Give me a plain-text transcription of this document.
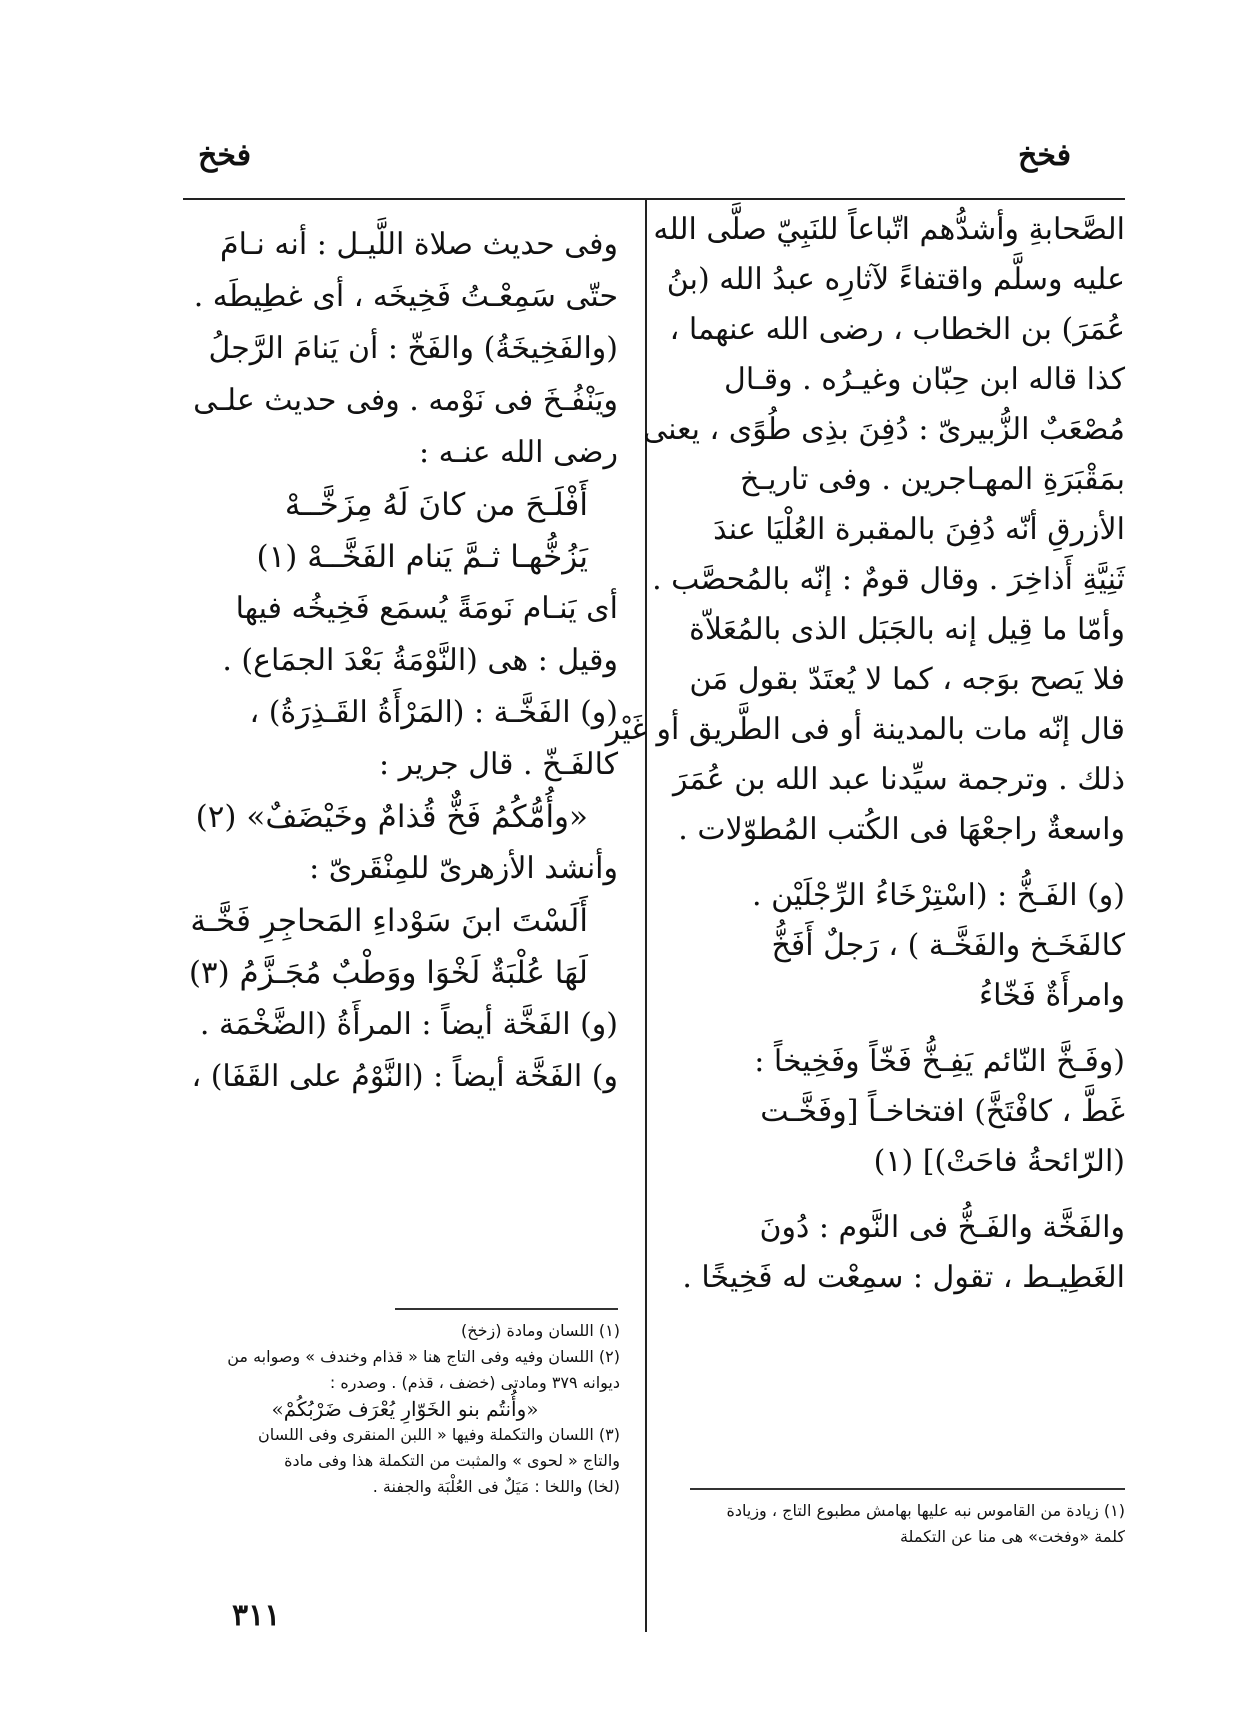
فخخ	فخخ
الصَّحابةِ وأشدُّهم اتّباعاً للنَبِيّ صلَّى الله
عليه وسلَّم واقتفاءً لآثارِه عبدُ الله (بنُ
عُمَرَ) بن الخطاب ، رضى الله عنهما ،
كذا قاله ابن حِبّان وغيـرُه . وقـال
مُصْعَبٌ الزُّبيرىّ : دُفِنَ بذِى طُوًى ، يعنى
بمَقْبَرَةِ المهـاجرين . وفى تاريـخ
الأزرقِ أنّه دُفِنَ بالمقبرة العُلْيَا عندَ
ثَنِيَّةِ أَذاخِرَ . وقال قومٌ : إنّه بالمُحصَّب .
وأمّا ما قِيل إنه بالجَبَل الذى بالمُعَلاّة
فلا يَصح بوَجه ، كما لا يُعتَدّ بقول مَن
قال إنّه مات بالمدينة أو فى الطَّريق أو غَيْر
ذلك . وترجمة سيِّدنا عبد الله بن عُمَرَ
واسعةٌ راجعْهَا فى الكُتب المُطوّلات .
(و) الفَـخُّ : (اسْتِرْخَاءُ الرِّجْلَيْن .
كالفَخَـخ والفَخَّـة ) ، رَجلٌ أَفَخُّ
وامرأَةٌ فَخّاءُ
(وفَـخَّ النّائم يَفِـخُّ فَخّاً وفَخِيخاً :
غَطَّ ، كافْتَخَّ) افتخاخـاً [وفَخَّـت
(الرّائحةُ فاحَتْ)] (١)
والفَخَّة والفَـخُّ فى النَّوم : دُونَ
الغَطِيـط ، تقول : سمِعْت له فَخِيخًا .
وفى حديث صلاة اللَّيـل : أنه نـامَ
حتّى سَمِعْـتُ فَخِيخَه ، أى غطِيطَه .
(والفَخِيخَةُ) والفَخّ : أن يَنامَ الرَّجلُ
ويَنْفُـخَ فى نَوْمه . وفى حديث علـى
رضى الله عنـه :
أَفْلَـحَ من كانَ لَهُ مِزَخَّــهْ
يَزُخُّهـا ثـمَّ يَنام الفَخَّــهْ (١)
أى يَنـام نَومَةً يُسمَع فَخِيخُه فيها
وقيل : هى (النَّوْمَةُ بَعْدَ الجمَاع) .
(و) الفَخَّـة : (المَرْأَةُ القَـذِرَةُ) ،
كالفَـخّ . قال جرير :
«وأُمُّكُمُ فَخٌّ قُذامٌ وخَيْضَفٌ» (٢)
وأنشد الأزهرىّ للمِنْقَرىّ :
أَلَسْتَ ابنَ سَوْداءِ المَحاجِرِ فَخَّـة
لَهَا عُلْبَةٌ لَخْوَا ووَطْبٌ مُجَـزَّمُ (٣)
(و) الفَخَّة أيضاً : المرأَةُ (الضَّخْمَة .
و) الفَخَّة أيضاً : (النَّوْمُ على القَفَا) ،
(١) اللسان ومادة (زخخ)
(٢) اللسان وفيه وفى التاج هنا « قذام وخندف » وصوابه من
ديوانه ٣٧٩ ومادتى (خضف ، قذم) . وصدره :
«وأُنتُم بنو الخَوّارِ يُعْرَف ضَرْبُكُمْ»
(٣) اللسان والتكملة وفيها « اللبن المنقرى وفى اللسان
والتاج « لحوى » والمثبت من التكملة هذا وفى مادة
(لخا) واللخا : مَيَلٌ فى العُلْبَة والجفنة .
(١) زيادة من القاموس نبه عليها بهامش مطبوع التاج ، وزيادة
كلمة «وفخت» هى منا عن التكملة
٣١١
